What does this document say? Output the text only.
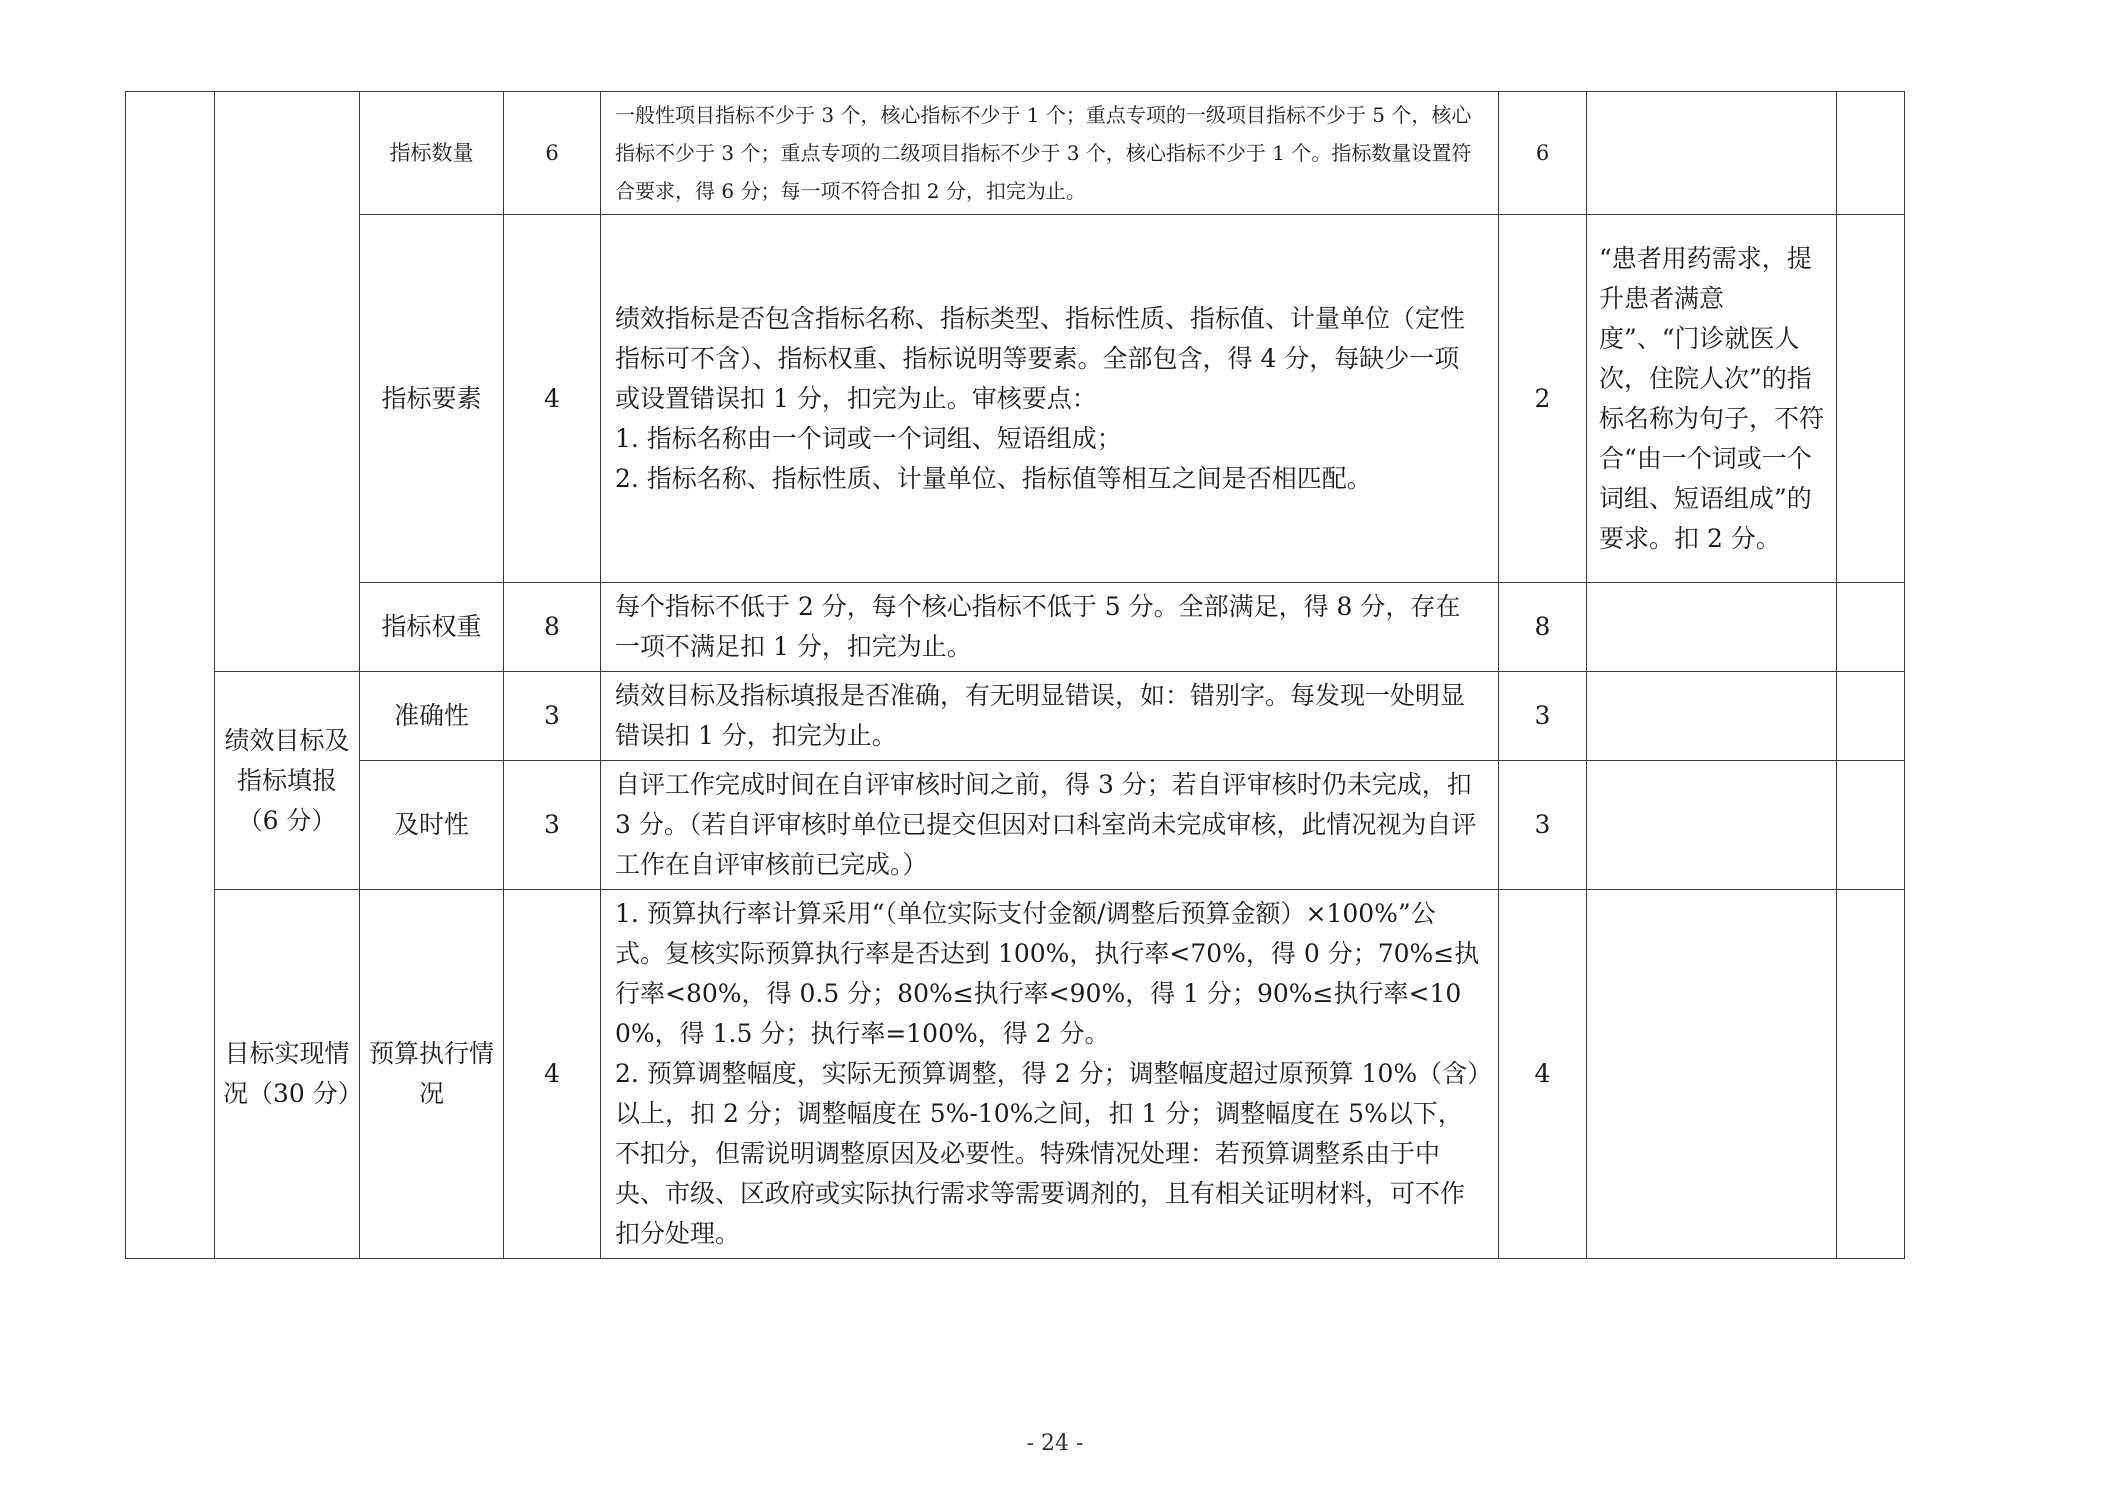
		指标数量	6	一般性项目指标不少于 3 个，核心指标不少于 1 个；重点专项的一级项目指标不少于 5 个，核心指标不少于 3 个；重点专项的二级项目指标不少于 3 个，核心指标不少于 1 个。指标数量设置符合要求，得 6 分；每一项不符合扣 2 分，扣完为止。	6		
		指标要素	4	绩效指标是否包含指标名称、指标类型、指标性质、指标值、计量单位（定性指标可不含）、指标权重、指标说明等要素。全部包含，得 4 分，每缺少一项或设置错误扣 1 分，扣完为止。审核要点：
1. 指标名称由一个词或一个词组、短语组成；
2. 指标名称、指标性质、计量单位、指标值等相互之间是否相匹配。	2	“患者用药需求，提升患者满意度”、“门诊就医人次，住院人次”的指标名称为句子，不符合“由一个词或一个词组、短语组成”的要求。扣 2 分。	
		指标权重	8	每个指标不低于 2 分，每个核心指标不低于 5 分。全部满足，得 8 分，存在一项不满足扣 1 分，扣完为止。	8		
	绩效目标及指标填报（6 分）	准确性	3	绩效目标及指标填报是否准确，有无明显错误，如：错别字。每发现一处明显错误扣 1 分，扣完为止。	3		
		及时性	3	自评工作完成时间在自评审核时间之前，得 3 分；若自评审核时仍未完成，扣 3 分。（若自评审核时单位已提交但因对口科室尚未完成审核，此情况视为自评工作在自评审核前已完成。）	3		
	目标实现情况（30 分）	预算执行情况	4	1. 预算执行率计算采用“（单位实际支付金额/调整后预算金额）×100%”公式。复核实际预算执行率是否达到 100%，执行率<70%，得 0 分；70%≤执行率<80%，得 0.5 分；80%≤执行率<90%，得 1 分；90%≤执行率<100%，得 1.5 分；执行率=100%，得 2 分。
2. 预算调整幅度，实际无预算调整，得 2 分；调整幅度超过原预算 10%（含）以上，扣 2 分；调整幅度在 5%-10%之间，扣 1 分；调整幅度在 5%以下，不扣分，但需说明调整原因及必要性。特殊情况处理：若预算调整系由于中央、市级、区政府或实际执行需求等需要调剂的，且有相关证明材料，可不作扣分处理。	4		
- 24 -
